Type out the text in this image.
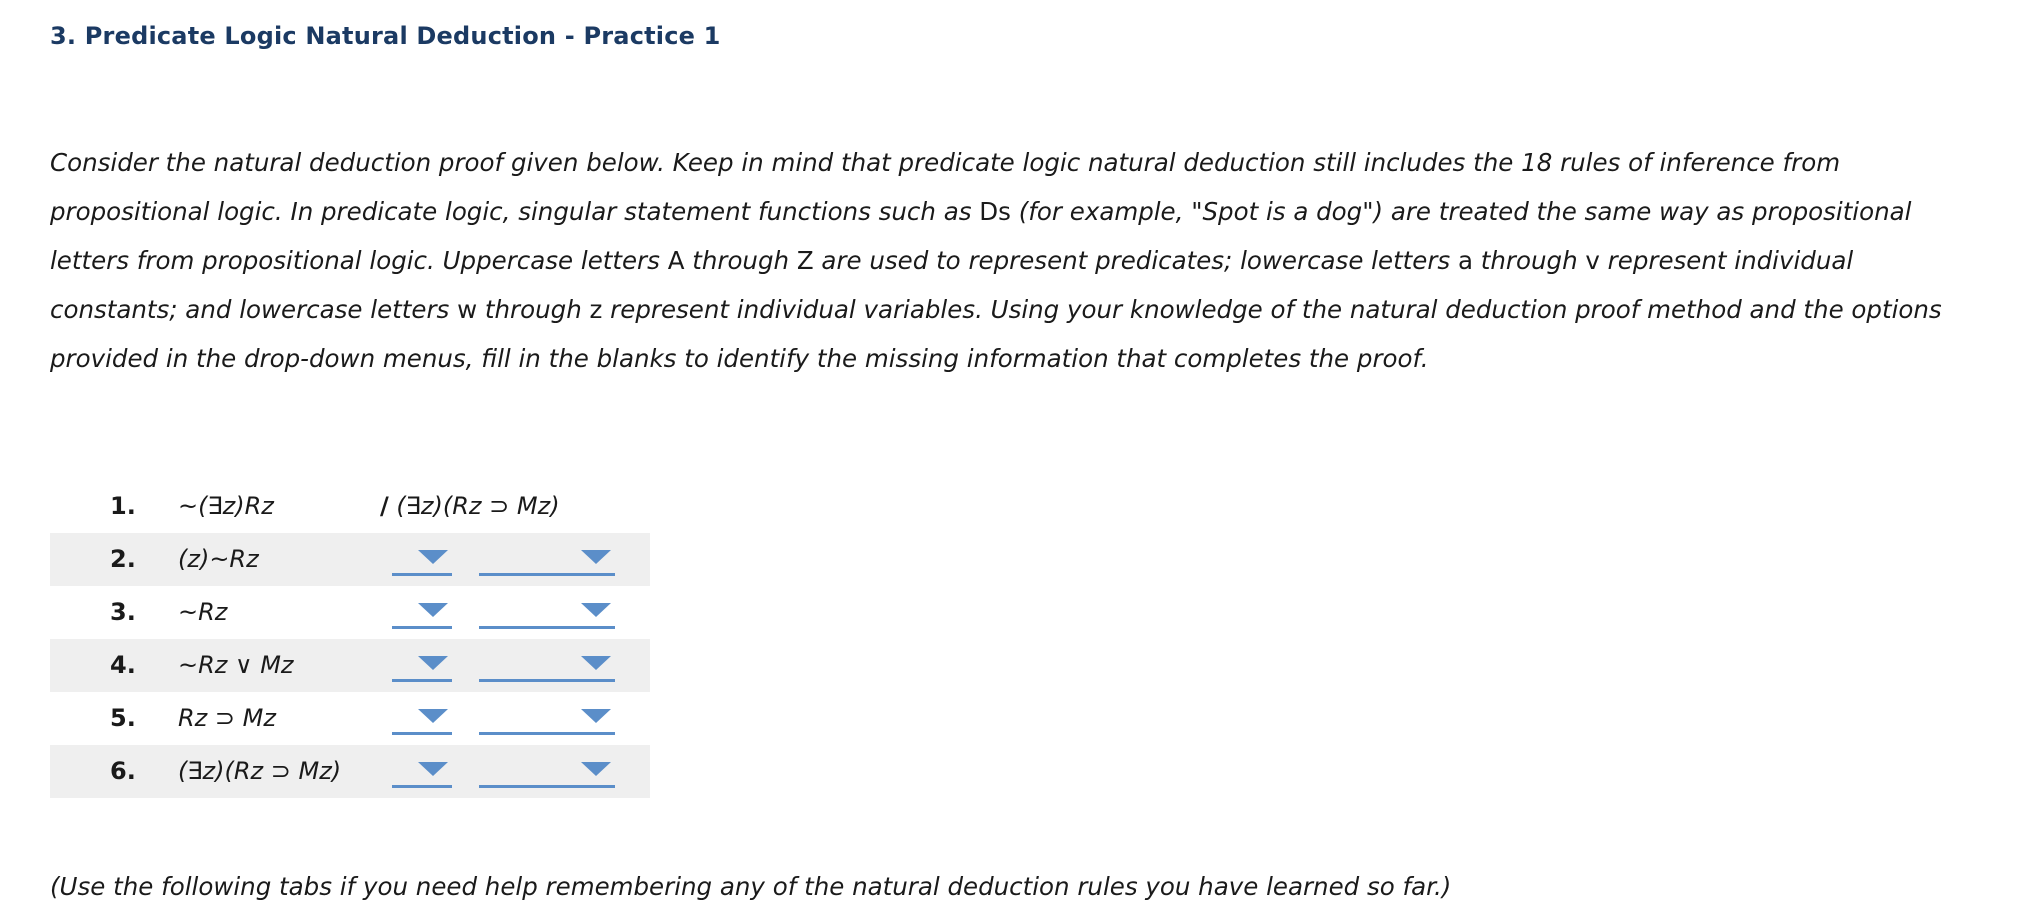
3. Predicate Logic Natural Deduction - Practice 1
Consider the natural deduction proof given below. Keep in mind that predicate logic natural deduction still includes the 18 rules of inference from propositional logic. In predicate logic, singular statement functions such as Ds (for example, "Spot is a dog") are treated the same way as propositional letters from propositional logic. Uppercase letters A through Z are used to represent predicates; lowercase letters a through v represent individual constants; and lowercase letters w through z represent individual variables. Using your knowledge of the natural deduction proof method and the options provided in the drop-down menus, fill in the blanks to identify the missing information that completes the proof.
1. ~(∃z)Rz	/ (∃z)(Rz ⊃ Mz)
2. (z)~Rz
3. ~Rz
4. ~Rz ∨ Mz
5. Rz ⊃ Mz
6. (∃z)(Rz ⊃ Mz)
(Use the following tabs if you need help remembering any of the natural deduction rules you have learned so far.)
